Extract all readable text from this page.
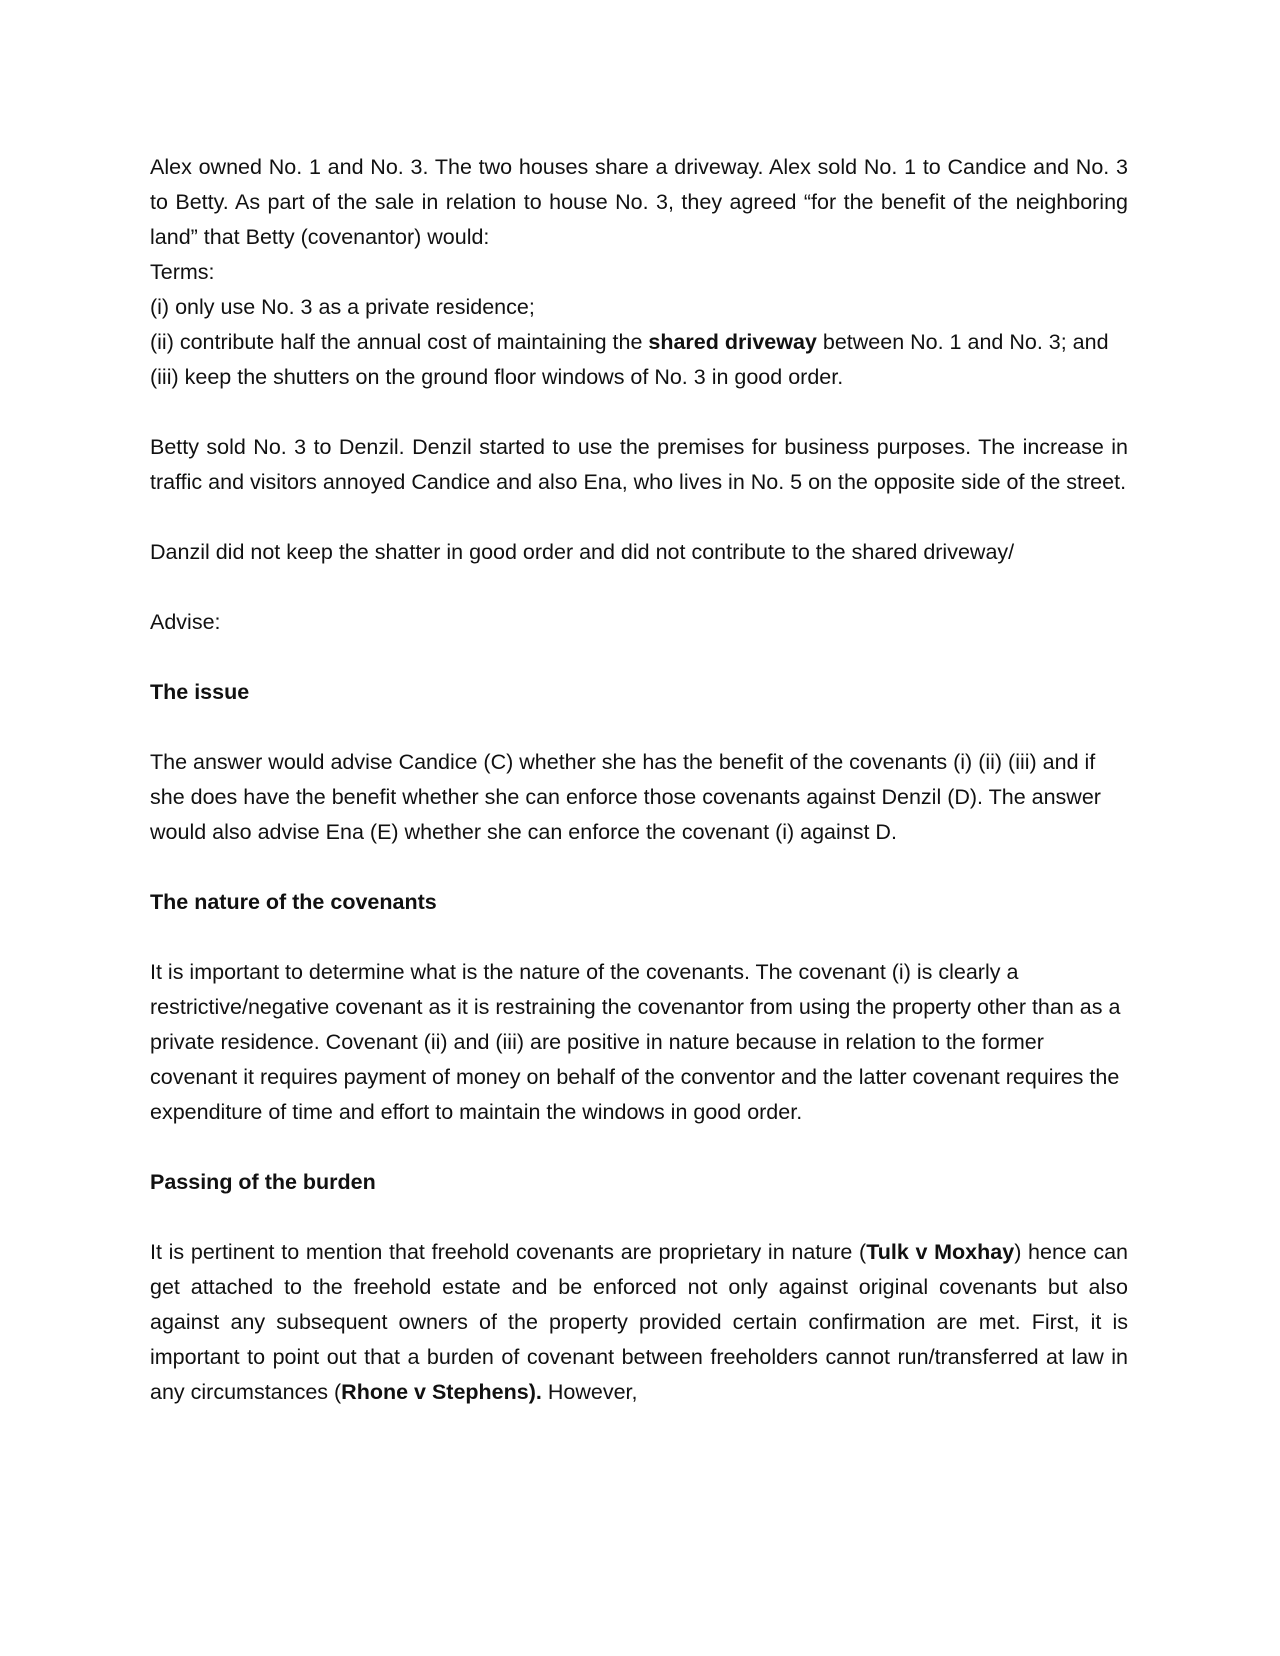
Alex owned No. 1 and No. 3. The two houses share a driveway. Alex sold No. 1 to Candice and No. 3 to Betty. As part of the sale in relation to house No. 3, they agreed “for the benefit of the neighboring land” that Betty (covenantor) would:

Terms:

(i) only use No. 3 as a private residence;

(ii) contribute half the annual cost of maintaining the shared driveway between No. 1 and No. 3; and

(iii) keep the shutters on the ground floor windows of No. 3 in good order.

Betty sold No. 3 to Denzil. Denzil started to use the premises for business purposes. The increase in traffic and visitors annoyed Candice and also Ena, who lives in No. 5 on the opposite side of the street.

Danzil did not keep the shatter in good order and did not contribute to the shared driveway/

Advise:

The issue

The answer would advise Candice (C) whether she has the benefit of the covenants (i) (ii) (iii) and if she does have the benefit whether she can enforce those covenants against Denzil (D). The answer would also advise Ena (E) whether she can enforce the covenant (i) against D.

The nature of the covenants

It is important to determine what is the nature of the covenants. The covenant (i) is clearly a restrictive/negative covenant as it is restraining the covenantor from using the property other than as a private residence. Covenant (ii) and (iii) are positive in nature because in relation to the former covenant it requires payment of money on behalf of the conventor and the latter covenant requires the expenditure of time and effort to maintain the windows in good order.

Passing of the burden

It is pertinent to mention that freehold covenants are proprietary in nature (Tulk v Moxhay) hence can get attached to the freehold estate and be enforced not only against original covenants but also against any subsequent owners of the property provided certain confirmation are met. First, it is important to point out that a burden of covenant between freeholders cannot run/transferred at law in any circumstances (Rhone v Stephens). However,
